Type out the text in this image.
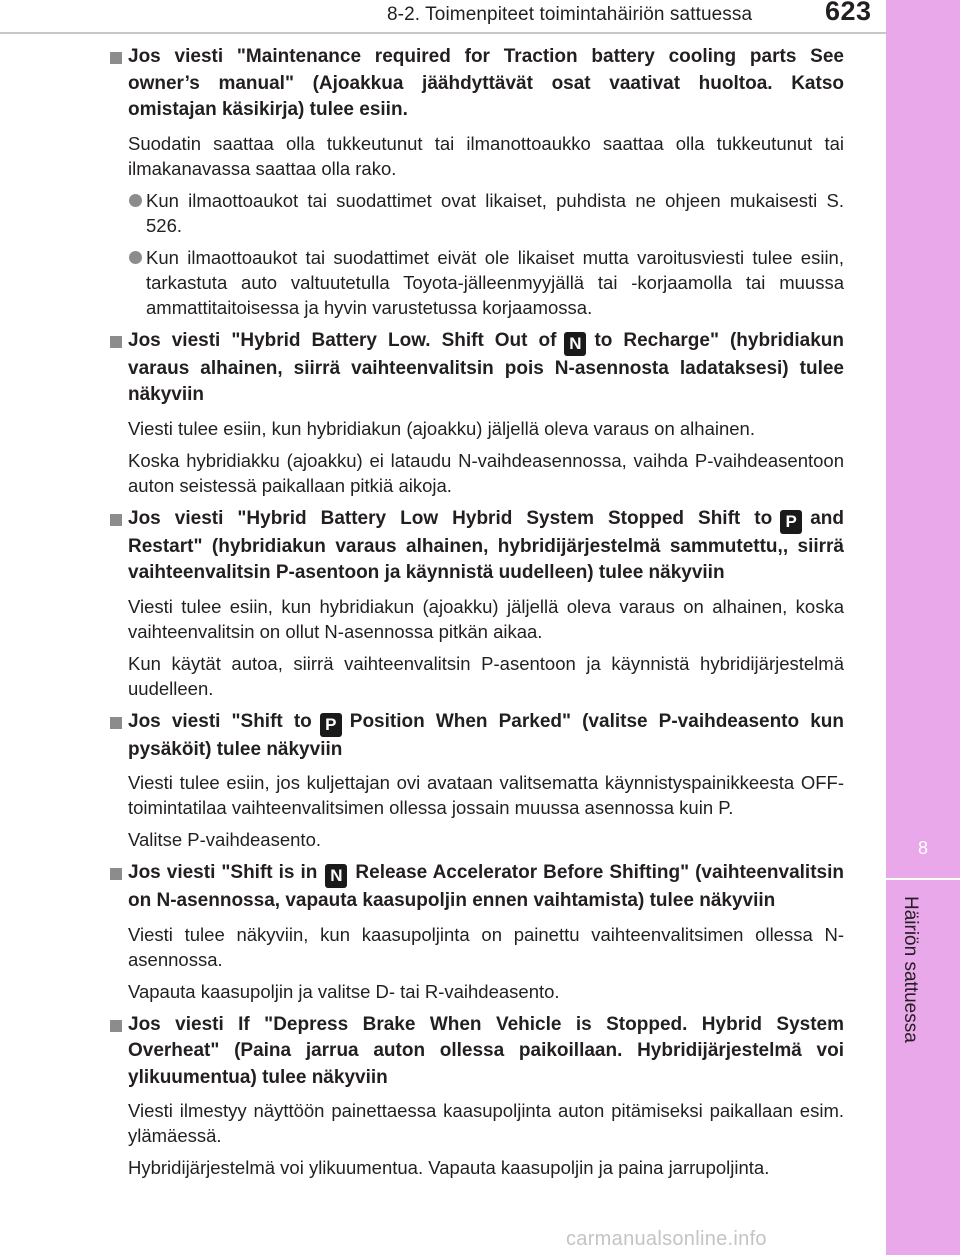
8-2. Toimenpiteet toimintahäiriön sattuessa	623
8
Häiriön sattuessa
Jos viesti "Maintenance required for Traction battery cooling parts See owner’s manual" (Ajoakkua jäähdyttävät osat vaativat huoltoa. Katso omistajan käsikirja) tulee esiin.

Suodatin saattaa olla tukkeutunut tai ilmanottoaukko saattaa olla tukkeutunut tai ilmakanavassa saattaa olla rako.

Kun ilmaottoaukot tai suodattimet ovat likaiset, puhdista ne ohjeen mukaisesti S. 526.
Kun ilmaottoaukot tai suodattimet eivät ole likaiset mutta varoitusviesti tulee esiin, tarkastuta auto valtuutetulla Toyota-jälleenmyyjällä tai -korjaamolla tai muussa ammattitaitoisessa ja hyvin varustetussa korjaamossa.
Jos viesti "Hybrid Battery Low. Shift Out of N to Recharge" (hybridiakun varaus alhainen, siirrä vaihteenvalitsin pois N-asennosta ladataksesi) tulee näkyviin

Viesti tulee esiin, kun hybridiakun (ajoakku) jäljellä oleva varaus on alhainen.

Koska hybridiakku (ajoakku) ei lataudu N-vaihdeasennossa, vaihda P-vaihdeasentoon auton seistessä paikallaan pitkiä aikoja.

Jos viesti "Hybrid Battery Low Hybrid System Stopped Shift to P and Restart" (hybridiakun varaus alhainen, hybridijärjestelmä sammutettu,, siirrä vaihteenvalitsin P-asentoon ja käynnistä uudelleen) tulee näkyviin

Viesti tulee esiin, kun hybridiakun (ajoakku) jäljellä oleva varaus on alhainen, koska vaihteenvalitsin on ollut N-asennossa pitkän aikaa.

Kun käytät autoa, siirrä vaihteenvalitsin P-asentoon ja käynnistä hybridijärjestelmä uudelleen.

Jos viesti "Shift to P Position When Parked" (valitse P-vaihdeasento kun pysäköit) tulee näkyviin

Viesti tulee esiin, jos kuljettajan ovi avataan valitsematta käynnistyspainikkeesta OFF-toimintatilaa vaihteenvalitsimen ollessa jossain muussa asennossa kuin P.

Valitse P-vaihdeasento.

Jos viesti "Shift is in N Release Accelerator Before Shifting" (vaihteenvalitsin on N-asennossa, vapauta kaasupoljin ennen vaihtamista) tulee näkyviin

Viesti tulee näkyviin, kun kaasupoljinta on painettu vaihteenvalitsimen ollessa N-asennossa.

Vapauta kaasupoljin ja valitse D- tai R-vaihdeasento.

Jos viesti If "Depress Brake When Vehicle is Stopped. Hybrid System Overheat" (Paina jarrua auton ollessa paikoillaan. Hybridijärjestelmä voi ylikuumentua) tulee näkyviin

Viesti ilmestyy näyttöön painettaessa kaasupoljinta auton pitämiseksi paikallaan esim. ylämäessä.

Hybridijärjestelmä voi ylikuumentua. Vapauta kaasupoljin ja paina jarrupoljinta.

carmanualsonline.info
